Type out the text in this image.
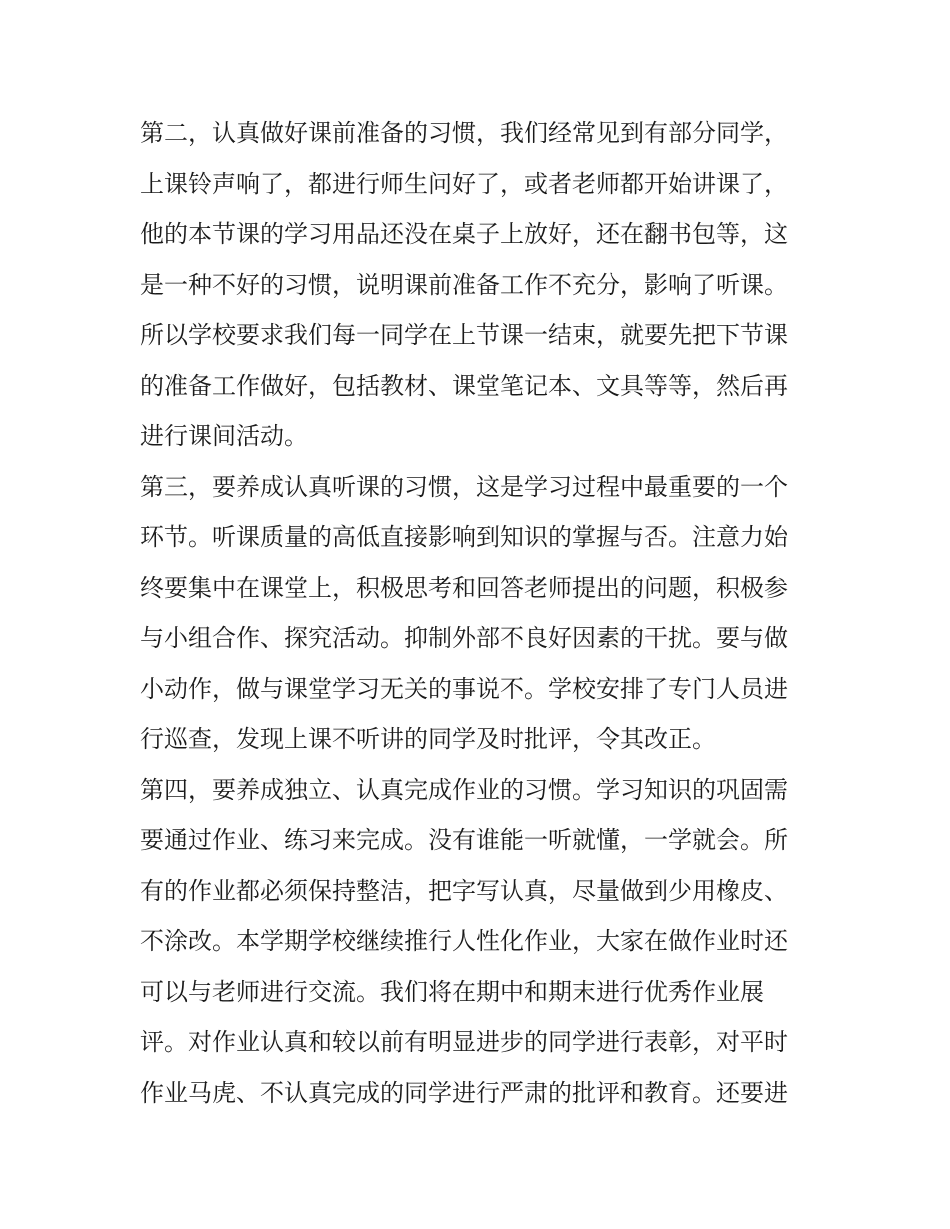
第二，认真做好课前准备的习惯，我们经常见到有部分同学，
上课铃声响了，都进行师生问好了，或者老师都开始讲课了，
他的本节课的学习用品还没在桌子上放好，还在翻书包等，这
是一种不好的习惯，说明课前准备工作不充分，影响了听课。
所以学校要求我们每一同学在上节课一结束，就要先把下节课
的准备工作做好，包括教材、课堂笔记本、文具等等，然后再
进行课间活动。
第三，要养成认真听课的习惯，这是学习过程中最重要的一个
环节。听课质量的高低直接影响到知识的掌握与否。注意力始
终要集中在课堂上，积极思考和回答老师提出的问题，积极参
与小组合作、探究活动。抑制外部不良好因素的干扰。要与做
小动作，做与课堂学习无关的事说不。学校安排了专门人员进
行巡查，发现上课不听讲的同学及时批评，令其改正。
第四，要养成独立、认真完成作业的习惯。学习知识的巩固需
要通过作业、练习来完成。没有谁能一听就懂，一学就会。所
有的作业都必须保持整洁，把字写认真，尽量做到少用橡皮、
不涂改。本学期学校继续推行人性化作业，大家在做作业时还
可以与老师进行交流。我们将在期中和期末进行优秀作业展
评。对作业认真和较以前有明显进步的同学进行表彰，对平时
作业马虎、不认真完成的同学进行严肃的批评和教育。还要进
